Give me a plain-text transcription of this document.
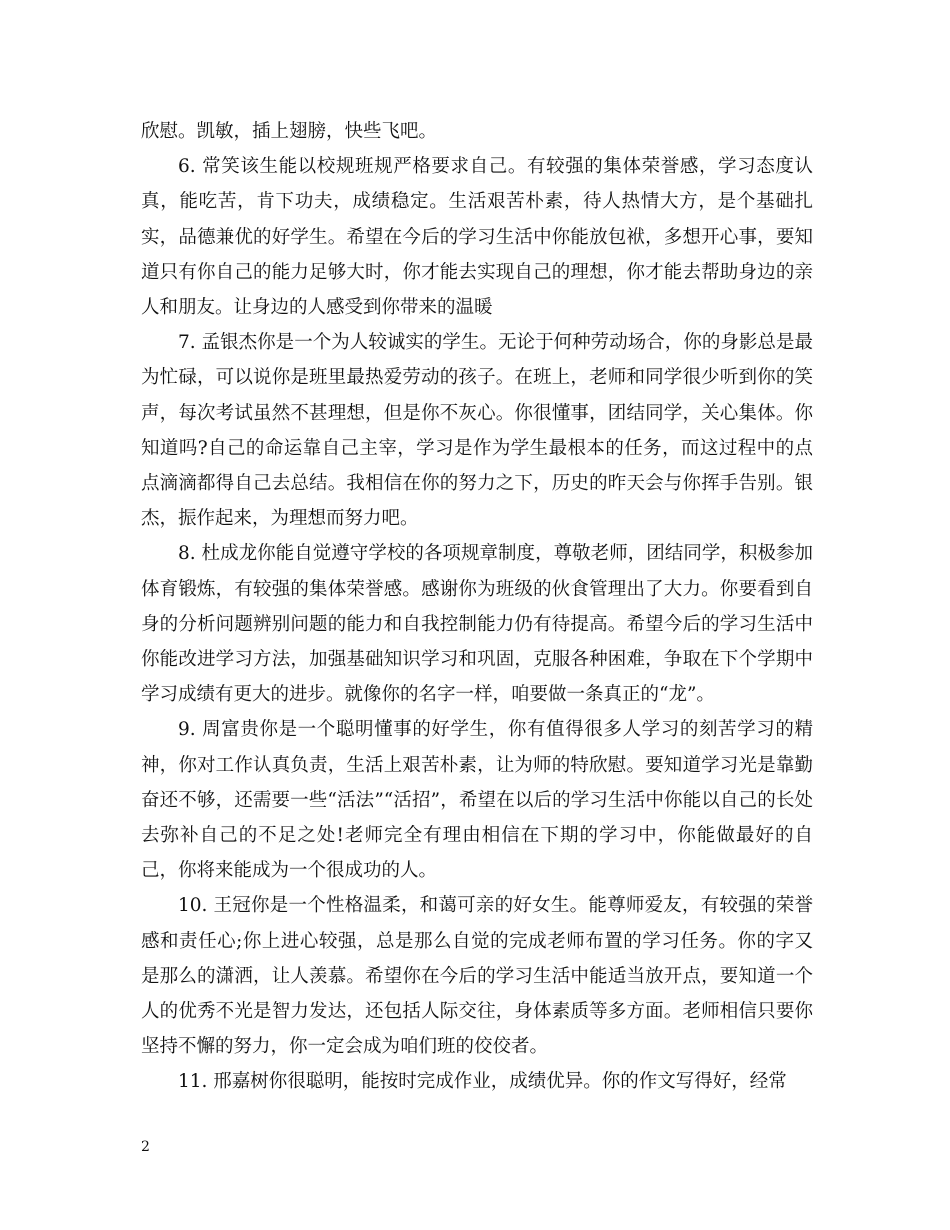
欣慰。凯敏，插上翅膀，快些飞吧。

6. 常笑该生能以校规班规严格要求自己。有较强的集体荣誉感，学习态度认真，能吃苦，肯下功夫，成绩稳定。生活艰苦朴素，待人热情大方，是个基础扎实，品德兼优的好学生。希望在今后的学习生活中你能放包袱，多想开心事，要知道只有你自己的能力足够大时，你才能去实现自己的理想，你才能去帮助身边的亲人和朋友。让身边的人感受到你带来的温暖

7. 孟银杰你是一个为人较诚实的学生。无论于何种劳动场合，你的身影总是最为忙碌，可以说你是班里最热爱劳动的孩子。在班上，老师和同学很少听到你的笑声，每次考试虽然不甚理想，但是你不灰心。你很懂事，团结同学，关心集体。你知道吗?自己的命运靠自己主宰，学习是作为学生最根本的任务，而这过程中的点点滴滴都得自己去总结。我相信在你的努力之下，历史的昨天会与你挥手告别。银杰，振作起来，为理想而努力吧。

8. 杜成龙你能自觉遵守学校的各项规章制度，尊敬老师，团结同学，积极参加体育锻炼，有较强的集体荣誉感。感谢你为班级的伙食管理出了大力。你要看到自身的分析问题辨别问题的能力和自我控制能力仍有待提高。希望今后的学习生活中你能改进学习方法，加强基础知识学习和巩固，克服各种困难，争取在下个学期中学习成绩有更大的进步。就像你的名字一样，咱要做一条真正的“龙”。

9. 周富贵你是一个聪明懂事的好学生，你有值得很多人学习的刻苦学习的精神，你对工作认真负责，生活上艰苦朴素，让为师的特欣慰。要知道学习光是靠勤奋还不够，还需要一些“活法”“活招”，希望在以后的学习生活中你能以自己的长处去弥补自己的不足之处!老师完全有理由相信在下期的学习中，你能做最好的自己，你将来能成为一个很成功的人。

10. 王冠你是一个性格温柔，和蔼可亲的好女生。能尊师爱友，有较强的荣誉感和责任心;你上进心较强，总是那么自觉的完成老师布置的学习任务。你的字又是那么的潇洒，让人羡慕。希望你在今后的学习生活中能适当放开点，要知道一个人的优秀不光是智力发达，还包括人际交往，身体素质等多方面。老师相信只要你坚持不懈的努力，你一定会成为咱们班的佼佼者。

11. 邢嘉树你很聪明，能按时完成作业，成绩优异。你的作文写得好，经常

2
